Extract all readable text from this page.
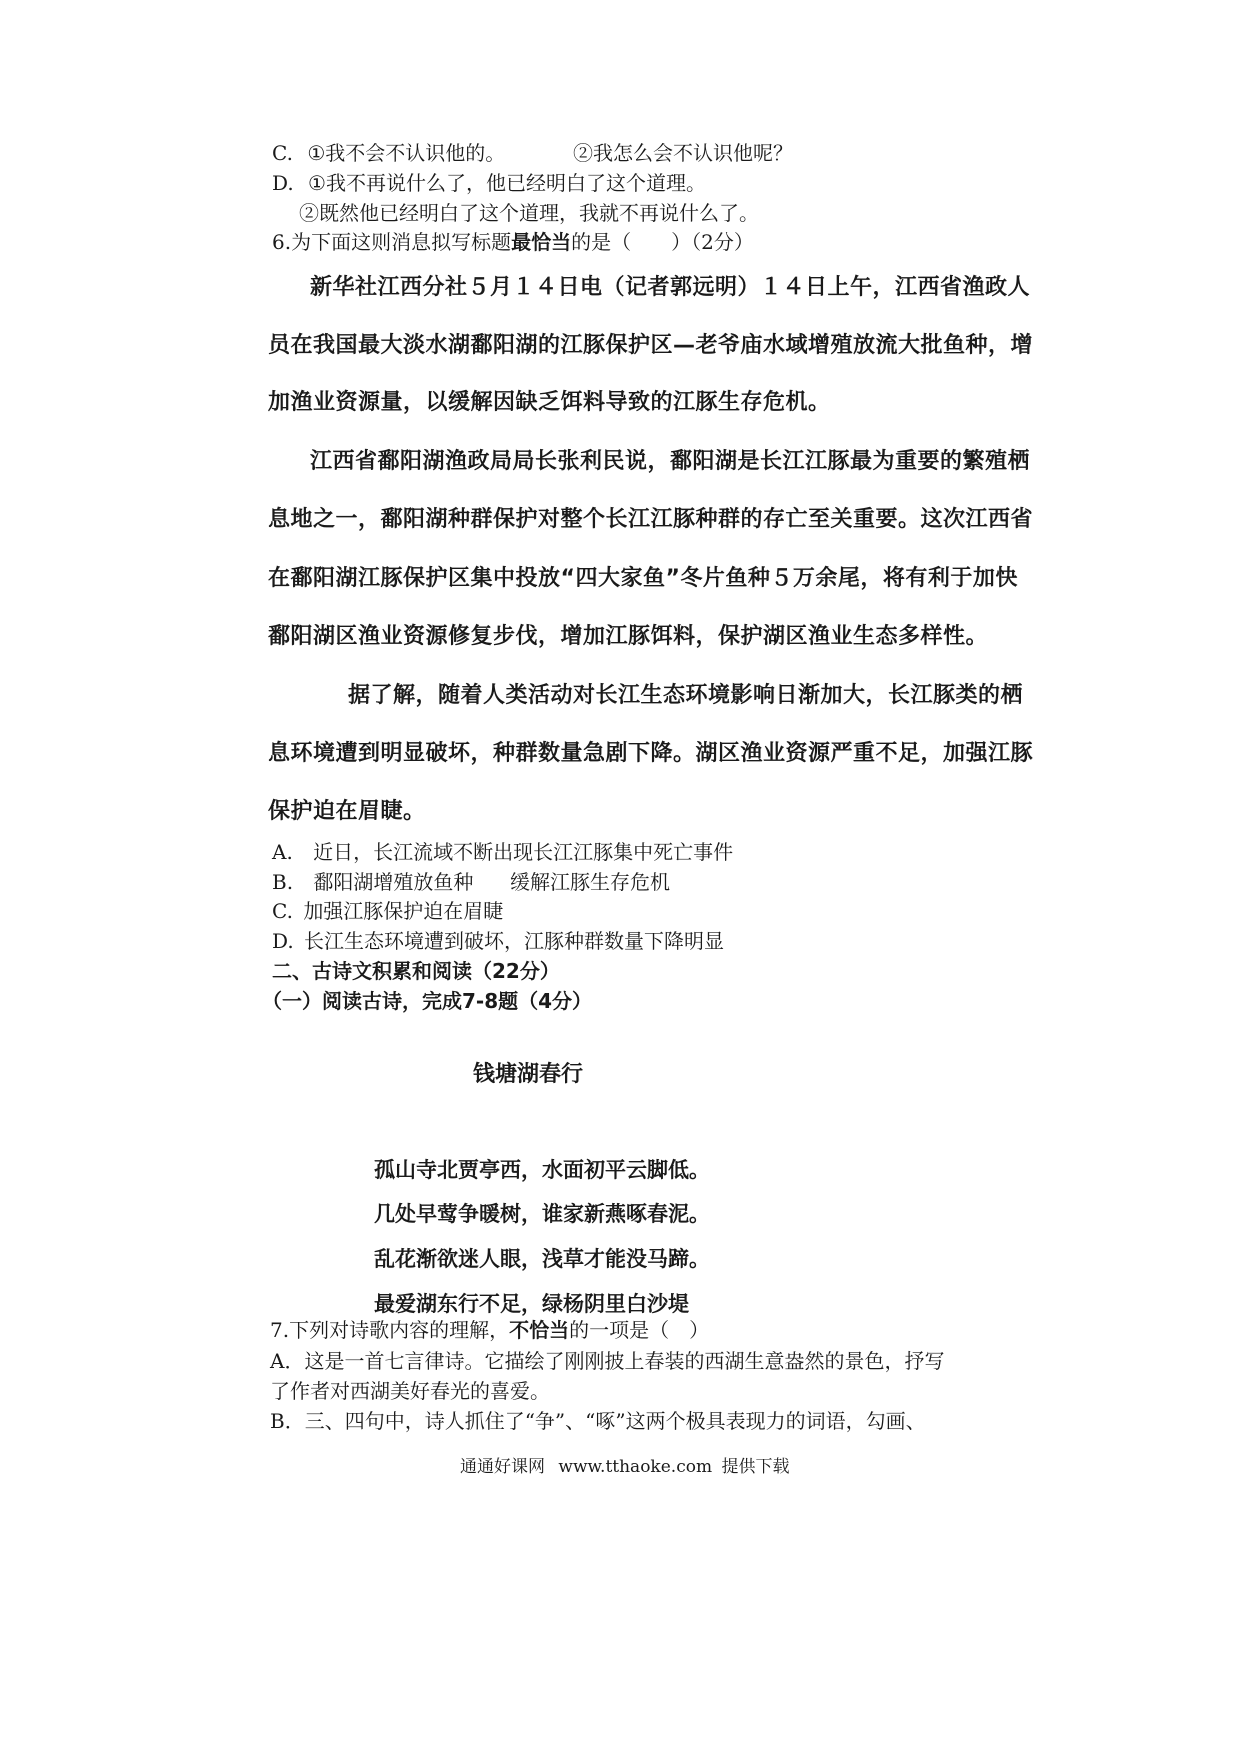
C. ①我不会不认识他的。	②我怎么会不认识他呢？
D. ①我不再说什么了，他已经明白了这个道理。
②既然他已经明白了这个道理，我就不再说什么了。
6.为下面这则消息拟写标题最恰当的是（　　）（2分）
新华社江西分社５月１４日电（记者郭远明）１４日上午，江西省渔政人
员在我国最大淡水湖鄱阳湖的江豚保护区—老爷庙水域增殖放流大批鱼种，增
加渔业资源量，以缓解因缺乏饵料导致的江豚生存危机。
江西省鄱阳湖渔政局局长张利民说，鄱阳湖是长江江豚最为重要的繁殖栖
息地之一，鄱阳湖种群保护对整个长江江豚种群的存亡至关重要。这次江西省
在鄱阳湖江豚保护区集中投放“四大家鱼”冬片鱼种５万余尾，将有利于加快
鄱阳湖区渔业资源修复步伐，增加江豚饵料，保护湖区渔业生态多样性。
据了解，随着人类活动对长江生态环境影响日渐加大，长江豚类的栖
息环境遭到明显破坏，种群数量急剧下降。湖区渔业资源严重不足，加强江豚
保护迫在眉睫。
A. 近日，长江流域不断出现长江江豚集中死亡事件
B. 鄱阳湖增殖放鱼种 缓解江豚生存危机
C. 加强江豚保护迫在眉睫
D. 长江生态环境遭到破坏，江豚种群数量下降明显
二、古诗文积累和阅读（22分）
（一）阅读古诗，完成7-8题（4分）
钱塘湖春行
孤山寺北贾亭西，水面初平云脚低。
几处早莺争暖树，谁家新燕啄春泥。
乱花渐欲迷人眼，浅草才能没马蹄。
最爱湖东行不足，绿杨阴里白沙堤
7.下列对诗歌内容的理解，不恰当的一项是（　）
A．这是一首七言律诗。它描绘了刚刚披上春装的西湖生意盎然的景色，抒写
了作者对西湖美好春光的喜爱。
B．三、四句中，诗人抓住了“争”、“啄”这两个极具表现力的词语，勾画、
通通好课网 www.tthaoke.com 提供下载
